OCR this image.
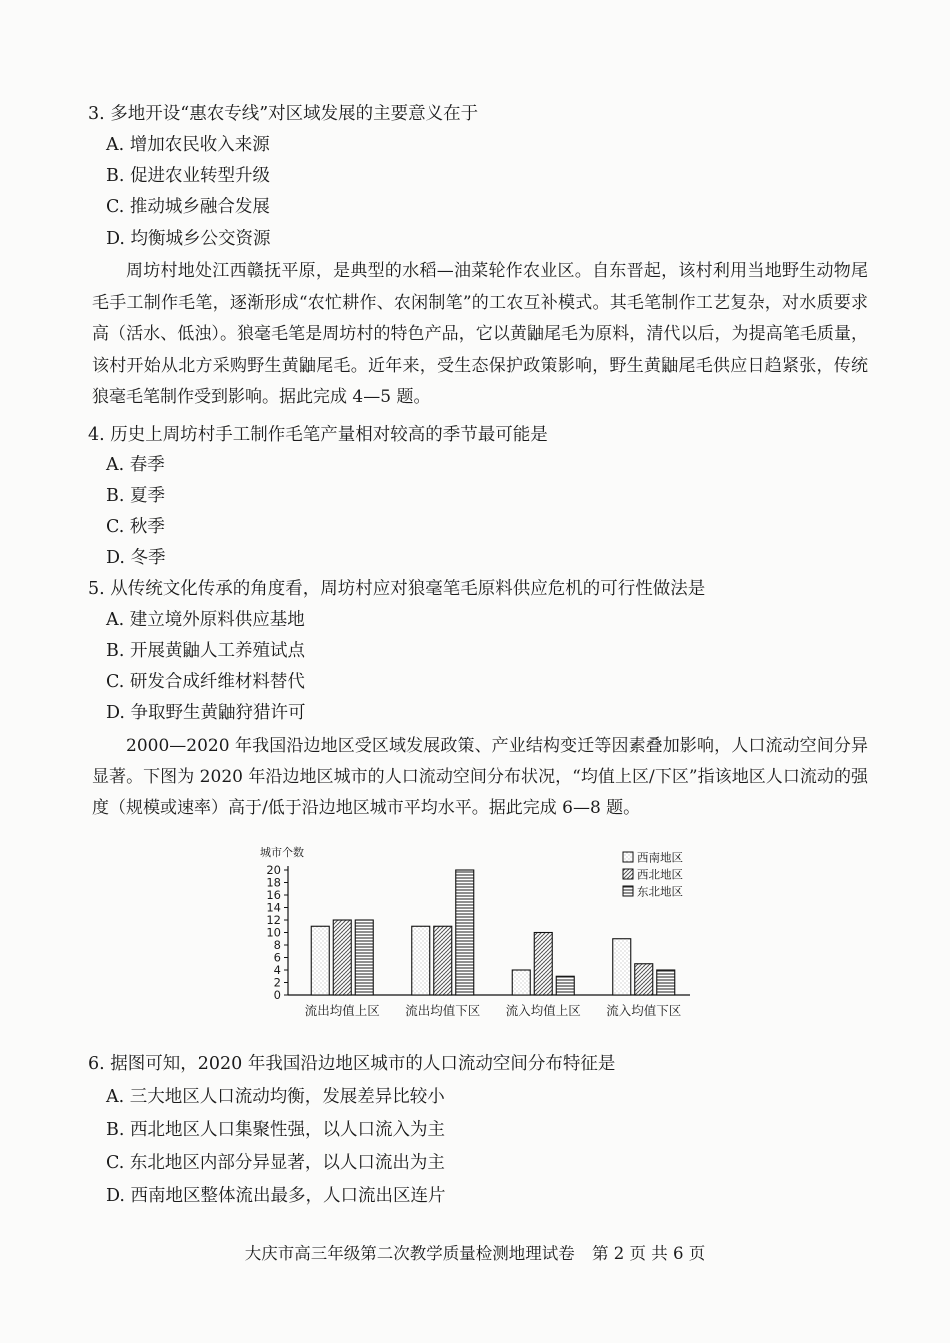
3. 多地开设“惠农专线”对区域发展的主要意义在于
A. 增加农民收入来源
B. 促进农业转型升级
C. 推动城乡融合发展
D. 均衡城乡公交资源
周坊村地处江西赣抚平原，是典型的水稻—油菜轮作农业区。自东晋起，该村利用当地野生动物尾毛手工制作毛笔，逐渐形成“农忙耕作、农闲制笔”的工农互补模式。其毛笔制作工艺复杂，对水质要求高（活水、低浊）。狼毫毛笔是周坊村的特色产品，它以黄鼬尾毛为原料，清代以后，为提高笔毛质量，该村开始从北方采购野生黄鼬尾毛。近年来，受生态保护政策影响，野生黄鼬尾毛供应日趋紧张，传统狼毫毛笔制作受到影响。据此完成 4—5 题。
4. 历史上周坊村手工制作毛笔产量相对较高的季节最可能是
A. 春季
B. 夏季
C. 秋季
D. 冬季
5. 从传统文化传承的角度看，周坊村应对狼毫笔毛原料供应危机的可行性做法是
A. 建立境外原料供应基地
B. 开展黄鼬人工养殖试点
C. 研发合成纤维材料替代
D. 争取野生黄鼬狩猎许可
2000—2020 年我国沿边地区受区域发展政策、产业结构变迁等因素叠加影响，人口流动空间分异显著。下图为 2020 年沿边地区城市的人口流动空间分布状况，“均值上区/下区”指该地区人口流动的强度（规模或速率）高于/低于沿边地区城市平均水平。据此完成 6—8 题。
城市个数
0
2
4
6
8
10
12
14
16
18
20
流出均值上区 流出均值下区 流入均值上区 流入均值下区
西南地区
西北地区
东北地区
6. 据图可知，2020 年我国沿边地区城市的人口流动空间分布特征是
A. 三大地区人口流动均衡，发展差异比较小
B. 西北地区人口集聚性强，以人口流入为主
C. 东北地区内部分异显著，以人口流出为主
D. 西南地区整体流出最多，人口流出区连片
大庆市高三年级第二次教学质量检测地理试卷 第 2 页 共 6 页
